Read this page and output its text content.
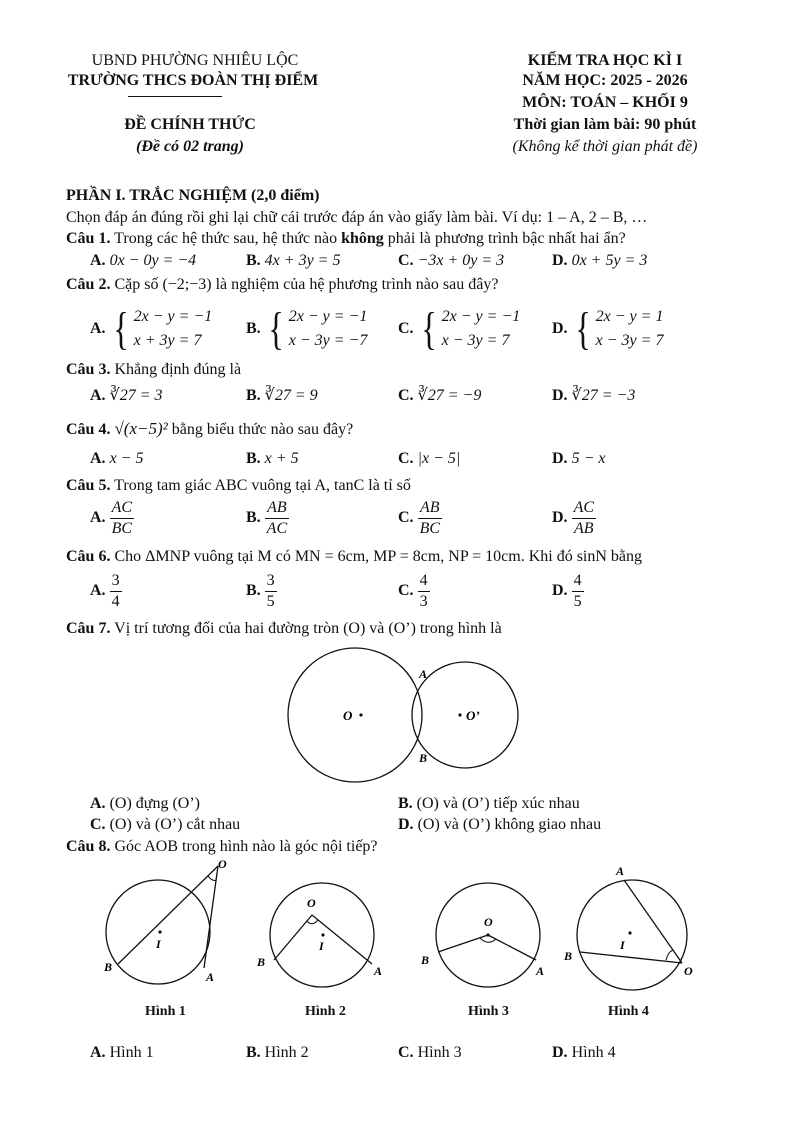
UBND PHƯỜNG NHIÊU LỘC
TRƯỜNG THCS ĐOÀN THỊ ĐIỂM
ĐỀ CHÍNH THỨC
(Đề có 02 trang)
KIỂM TRA HỌC KÌ I
NĂM HỌC: 2025 - 2026
MÔN: TOÁN – KHỐI 9
Thời gian làm bài: 90 phút
(Không kể thời gian phát đề)
PHẦN I. TRẮC NGHIỆM (2,0 điểm)
Chọn đáp án đúng rồi ghi lại chữ cái trước đáp án vào giấy làm bài. Ví dụ: 1 – A, 2 – B, …
Câu 1. Trong các hệ thức sau, hệ thức nào không phải là phương trình bậc nhất hai ẩn?
A. 0x − 0y = −4	B. 4x + 3y = 5	C. −3x + 0y = 3	D. 0x + 5y = 3
Câu 2. Cặp số (−2;−3) là nghiệm của hệ phương trình nào sau đây?
A. { 2x − y = −1
x + 3y = 7
B. { 2x − y = −1
x − 3y = −7
C. { 2x − y = −1
x − 3y = 7
D. { 2x − y = 1
x − 3y = 7
Câu 3. Khẳng định đúng là
A. ∛27 = 3	B. ∛27 = 9	C. ∛27 = −9	D. ∛27 = −3
Câu 4. √(x−5)² bằng biểu thức nào sau đây?
A. x − 5	B. x + 5	C. |x − 5|	D. 5 − x
Câu 5. Trong tam giác ABC vuông tại A, tanC là tỉ số
A. $\frac{AC}{BC}$	B. $\frac{AB}{AC}$	C. $\frac{AB}{BC}$	D. $\frac{AC}{AB}$
Câu 6. Cho ΔMNP vuông tại M có MN = 6cm, MP = 8cm, NP = 10cm. Khi đó sinN bằng
A. $\frac{3}{4}$	B. $\frac{3}{5}$	C. $\frac{4}{3}$	D. $\frac{4}{5}$
Câu 7. Vị trí tương đối của hai đường tròn (O) và (O’) trong hình là
O	O’
A
B
A. (O) đựng (O’)	B. (O) và (O’) tiếp xúc nhau
C. (O) và (O’) cắt nhau	D. (O) và (O’) không giao nhau
Câu 8. Góc AOB trong hình nào là góc nội tiếp?
O
I
B
A
O
I
B
A
O
B
A
A
I
B
O
Hình 1	Hình 2	Hình 3	Hình 4
A. Hình 1	B. Hình 2	C. Hình 3	D. Hình 4
